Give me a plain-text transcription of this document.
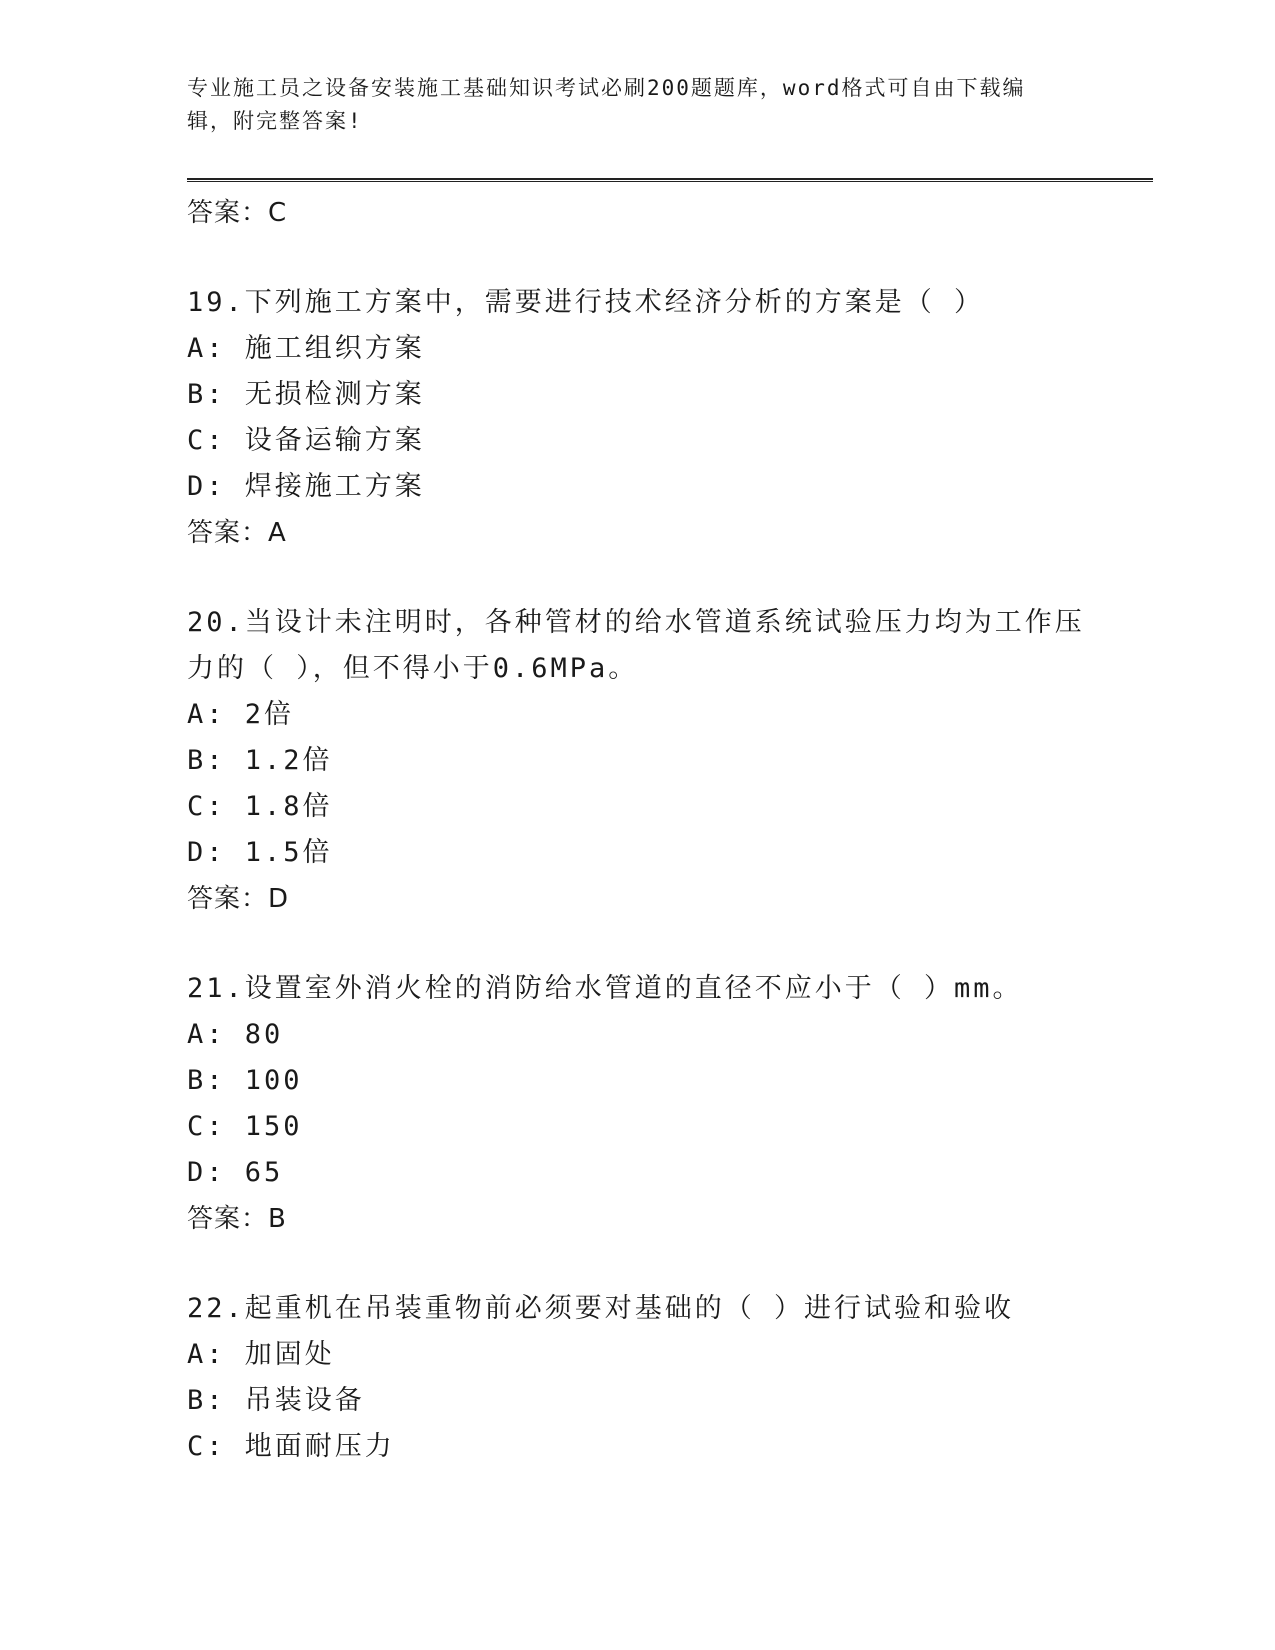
专业施工员之设备安装施工基础知识考试必刷200题题库，word格式可自由下载编辑，附完整答案!
答案：C
19.下列施工方案中，需要进行技术经济分析的方案是（ ）
A: 施工组织方案
B: 无损检测方案
C: 设备运输方案
D: 焊接施工方案
答案：A
20.当设计未注明时，各种管材的给水管道系统试验压力均为工作压力的（ ），但不得小于0.6MPa。
A: 2倍
B: 1.2倍
C: 1.8倍
D: 1.5倍
答案：D
21.设置室外消火栓的消防给水管道的直径不应小于（ ）mm。
A: 80
B: 100
C: 150
D: 65
答案：B
22.起重机在吊装重物前必须要对基础的（ ）进行试验和验收
A: 加固处
B: 吊装设备
C: 地面耐压力
